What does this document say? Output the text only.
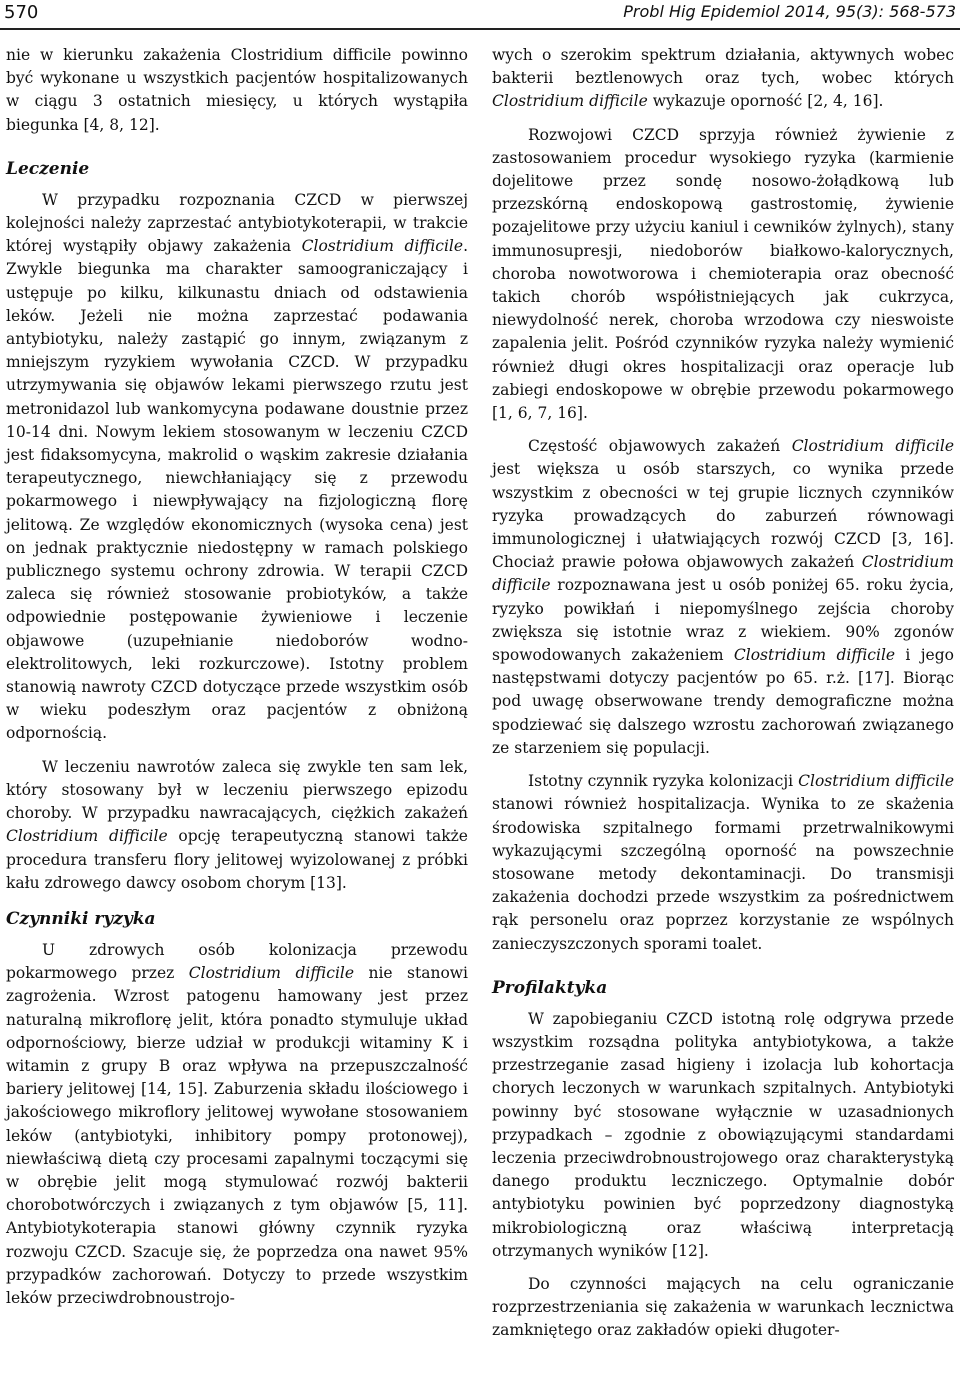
570	Probl Hig Epidemiol 2014, 95(3): 568-573

nie w kierunku zakażenia Clostridium difficile powinno być wykonane u wszystkich pacjentów hospitalizowanych w ciągu 3 ostatnich miesięcy, u których wystąpiła biegunka [4, 8, 12].

Leczenie

W przypadku rozpoznania CZCD w pierwszej kolejności należy zaprzestać antybiotykoterapii, w trakcie której wystąpiły objawy zakażenia Clostridium difficile. Zwykle biegunka ma charakter samoograniczający i ustępuje po kilku, kilkunastu dniach od odstawienia leków. Jeżeli nie można zaprzestać podawania antybiotyku, należy zastąpić go innym, związanym z mniejszym ryzykiem wywołania CZCD. W przypadku utrzymywania się objawów lekami pierwszego rzutu jest metronidazol lub wankomycyna podawane doustnie przez 10-14 dni. Nowym lekiem stosowanym w leczeniu CZCD jest fidaksomycyna, makrolid o wąskim zakresie działania terapeutycznego, niewchłaniający się z przewodu pokarmowego i niewpływający na fizjologiczną florę jelitową. Ze względów ekonomicznych (wysoka cena) jest on jednak praktycznie niedostępny w ramach polskiego publicznego systemu ochrony zdrowia. W terapii CZCD zaleca się również stosowanie probiotyków, a także odpowiednie postępowanie żywieniowe i leczenie objawowe (uzupełnianie niedoborów wodno-elektrolitowych, leki rozkurczowe). Istotny problem stanowią nawroty CZCD dotyczące przede wszystkim osób w wieku podeszłym oraz pacjentów z obniżoną odpornością.

W leczeniu nawrotów zaleca się zwykle ten sam lek, który stosowany był w leczeniu pierwszego epizodu choroby. W przypadku nawracających, ciężkich zakażeń Clostridium difficile opcję terapeutyczną stanowi także procedura transferu flory jelitowej wyizolowanej z próbki kału zdrowego dawcy osobom chorym [13].

Czynniki ryzyka

U zdrowych osób kolonizacja przewodu pokarmowego przez Clostridium difficile nie stanowi zagrożenia. Wzrost patogenu hamowany jest przez naturalną mikroflorę jelit, która ponadto stymuluje układ odpornościowy, bierze udział w produkcji witaminy K i witamin z grupy B oraz wpływa na przepuszczalność bariery jelitowej [14, 15]. Zaburzenia składu ilościowego i jakościowego mikroflory jelitowej wywołane stosowaniem leków (antybiotyki, inhibitory pompy protonowej), niewłaściwą dietą czy procesami zapalnymi toczącymi się w obrębie jelit mogą stymulować rozwój bakterii chorobotwórczych i związanych z tym objawów [5, 11]. Antybiotykoterapia stanowi główny czynnik ryzyka rozwoju CZCD. Szacuje się, że poprzedza ona nawet 95% przypadków zachorowań. Dotyczy to przede wszystkim leków przeciwdrobnoustrojo-

wych o szerokim spektrum działania, aktywnych wobec bakterii beztlenowych oraz tych, wobec których Clostridium difficile wykazuje oporność [2, 4, 16].

Rozwojowi CZCD sprzyja również żywienie z zastosowaniem procedur wysokiego ryzyka (karmienie dojelitowe przez sondę nosowo-żołądkową lub przezskórną endoskopową gastrostomię, żywienie pozajelitowe przy użyciu kaniul i cewników żylnych), stany immunosupresji, niedoborów białkowo-kalorycznych, choroba nowotworowa i chemioterapia oraz obecność takich chorób współistniejących jak cukrzyca, niewydolność nerek, choroba wrzodowa czy nieswoiste zapalenia jelit. Pośród czynników ryzyka należy wymienić również długi okres hospitalizacji oraz operacje lub zabiegi endoskopowe w obrębie przewodu pokarmowego [1, 6, 7, 16].

Częstość objawowych zakażeń Clostridium difficile jest większa u osób starszych, co wynika przede wszystkim z obecności w tej grupie licznych czynników ryzyka prowadzących do zaburzeń równowagi immunologicznej i ułatwiających rozwój CZCD [3, 16]. Chociaż prawie połowa objawowych zakażeń Clostridium difficile rozpoznawana jest u osób poniżej 65. roku życia, ryzyko powikłań i niepomyślnego zejścia choroby zwiększa się istotnie wraz z wiekiem. 90% zgonów spowodowanych zakażeniem Clostridium difficile i jego następstwami dotyczy pacjentów po 65. r.ż. [17]. Biorąc pod uwagę obserwowane trendy demograficzne można spodziewać się dalszego wzrostu zachorowań związanego ze starzeniem się populacji.

Istotny czynnik ryzyka kolonizacji Clostridium difficile stanowi również hospitalizacja. Wynika to ze skażenia środowiska szpitalnego formami przetrwalnikowymi wykazującymi szczególną oporność na powszechnie stosowane metody dekontaminacji. Do transmisji zakażenia dochodzi przede wszystkim za pośrednictwem rąk personelu oraz poprzez korzystanie ze wspólnych zanieczyszczonych sporami toalet.

Profilaktyka

W zapobieganiu CZCD istotną rolę odgrywa przede wszystkim rozsądna polityka antybiotykowa, a także przestrzeganie zasad higieny i izolacja lub kohortacja chorych leczonych w warunkach szpitalnych. Antybiotyki powinny być stosowane wyłącznie w uzasadnionych przypadkach – zgodnie z obowiązującymi standardami leczenia przeciwdrobnoustrojowego oraz charakterystyką danego produktu leczniczego. Optymalnie dobór antybiotyku powinien być poprzedzony diagnostyką mikrobiologiczną oraz właściwą interpretacją otrzymanych wyników [12].

Do czynności mających na celu ograniczanie rozprzestrzeniania się zakażenia w warunkach lecznictwa zamkniętego oraz zakładów opieki długoter-
